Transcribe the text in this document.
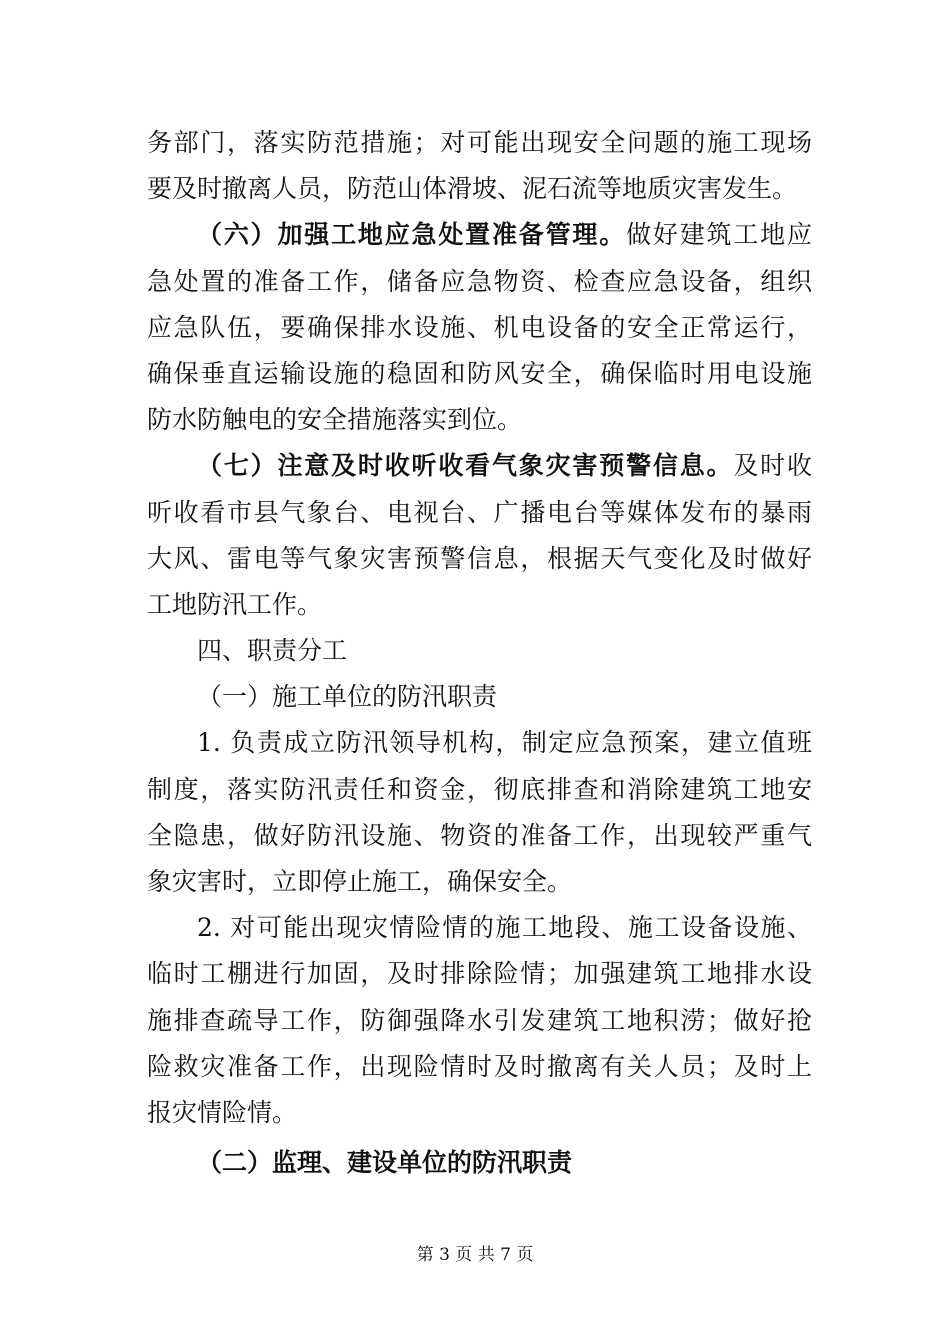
务部门，落实防范措施；对可能出现安全问题的施工现场
要及时撤离人员，防范山体滑坡、泥石流等地质灾害发生。
（六）加强工地应急处置准备管理。做好建筑工地应
急处置的准备工作，储备应急物资、检查应急设备，组织
应急队伍，要确保排水设施、机电设备的安全正常运行，
确保垂直运输设施的稳固和防风安全，确保临时用电设施
防水防触电的安全措施落实到位。
（七）注意及时收听收看气象灾害预警信息。及时收
听收看市县气象台、电视台、广播电台等媒体发布的暴雨
大风、雷电等气象灾害预警信息，根据天气变化及时做好
工地防汛工作。
四、职责分工
（一）施工单位的防汛职责
1. 负责成立防汛领导机构，制定应急预案，建立值班
制度，落实防汛责任和资金，彻底排查和消除建筑工地安
全隐患，做好防汛设施、物资的准备工作，出现较严重气
象灾害时，立即停止施工，确保安全。
2. 对可能出现灾情险情的施工地段、施工设备设施、
临时工棚进行加固，及时排除险情；加强建筑工地排水设
施排查疏导工作，防御强降水引发建筑工地积涝；做好抢
险救灾准备工作，出现险情时及时撤离有关人员；及时上
报灾情险情。
（二）监理、建设单位的防汛职责
第 3 页 共 7 页
